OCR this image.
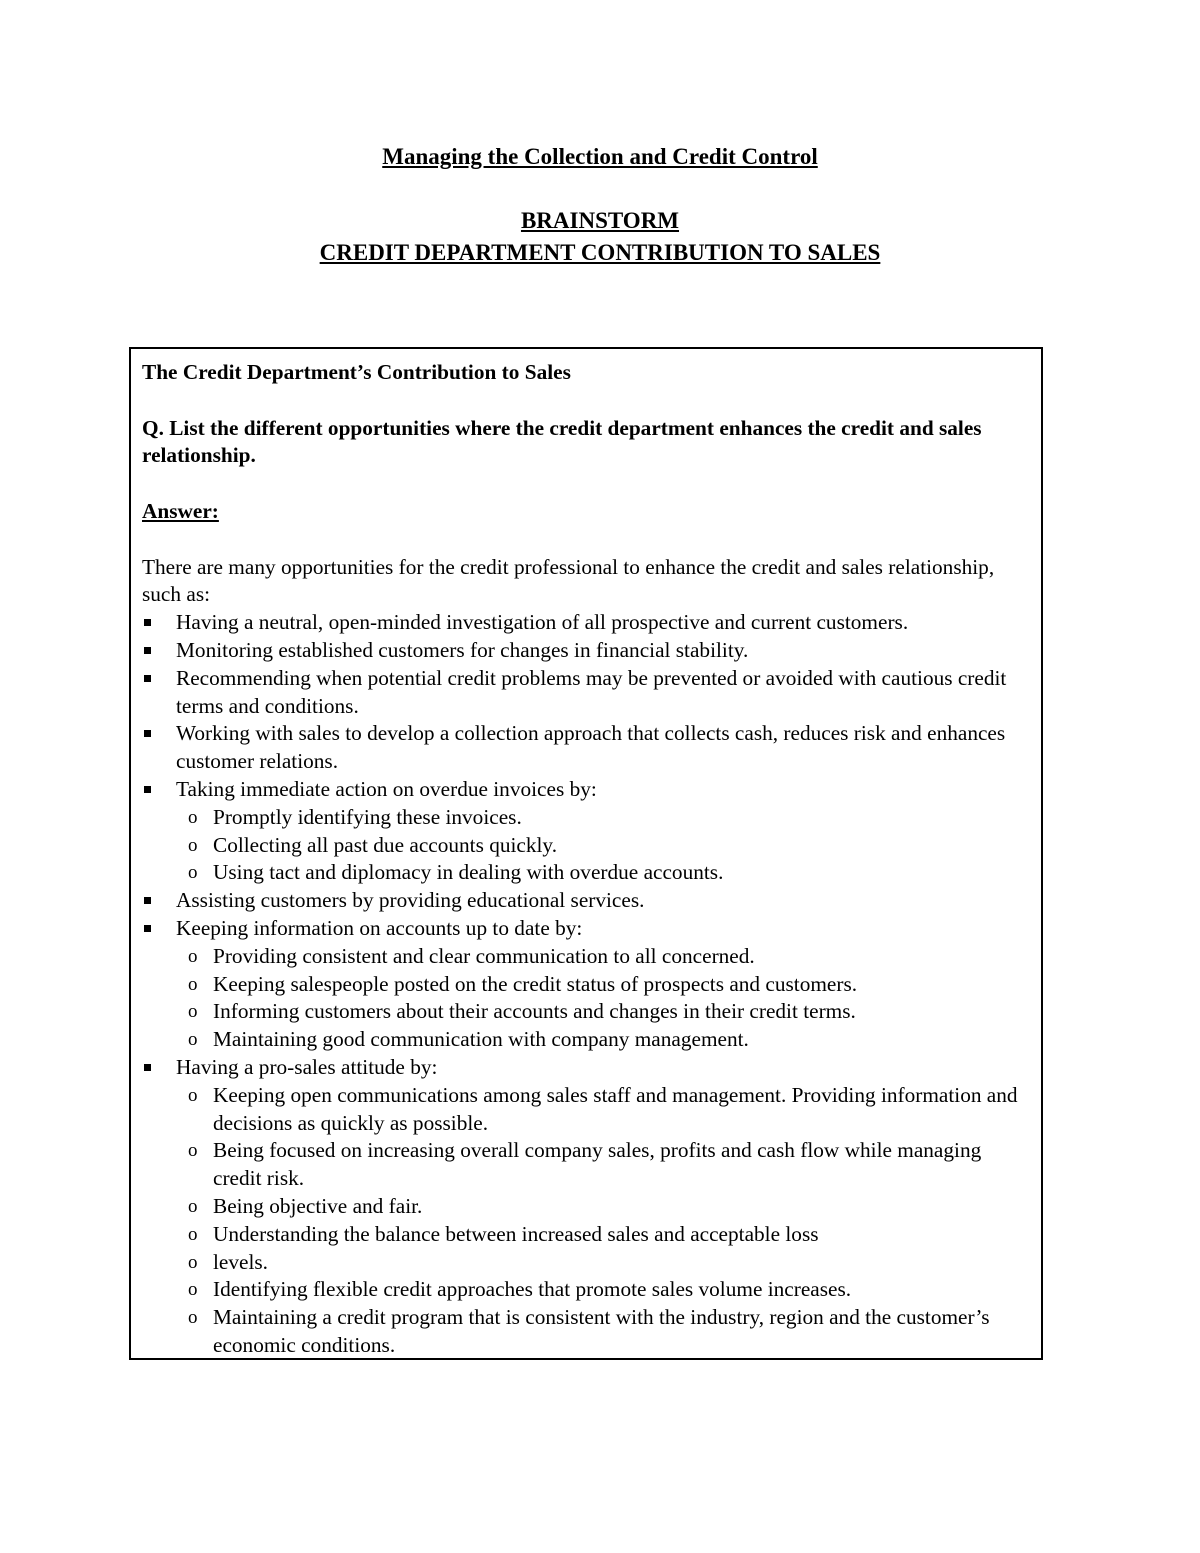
Managing the Collection and Credit Control
BRAINSTORM
CREDIT DEPARTMENT CONTRIBUTION TO SALES

The Credit Department’s Contribution to Sales

Q. List the different opportunities where the credit department enhances the credit and sales relationship.

Answer:

There are many opportunities for the credit professional to enhance the credit and sales relationship, such as:

Having a neutral, open-minded investigation of all prospective and current customers.
Monitoring established customers for changes in financial stability.
Recommending when potential credit problems may be prevented or avoided with cautious credit terms and conditions.
Working with sales to develop a collection approach that collects cash, reduces risk and enhances customer relations.
Taking immediate action on overdue invoices by:
o Promptly identifying these invoices.
o Collecting all past due accounts quickly.
o Using tact and diplomacy in dealing with overdue accounts.
Assisting customers by providing educational services.
Keeping information on accounts up to date by:
o Providing consistent and clear communication to all concerned.
o Keeping salespeople posted on the credit status of prospects and customers.
o Informing customers about their accounts and changes in their credit terms.
o Maintaining good communication with company management.
Having a pro-sales attitude by:
o Keeping open communications among sales staff and management. Providing information and decisions as quickly as possible.
o Being focused on increasing overall company sales, profits and cash flow while managing credit risk.
o Being objective and fair.
o Understanding the balance between increased sales and acceptable loss
o levels.
o Identifying flexible credit approaches that promote sales volume increases.
o Maintaining a credit program that is consistent with the industry, region and the customer’s economic conditions.
